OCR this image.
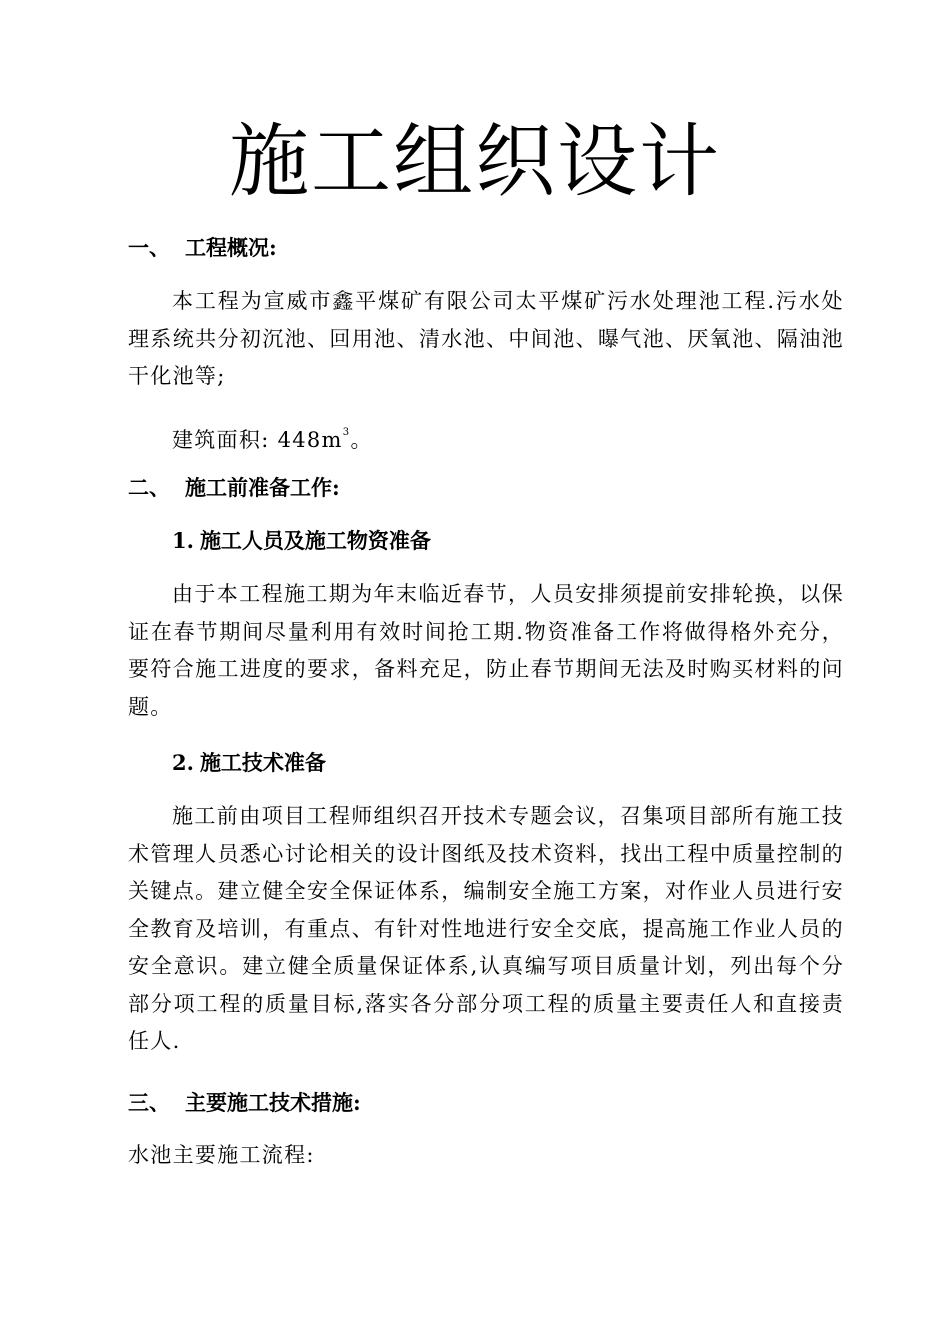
施工组织设计
一、 工程概况:

本工程为宣威市鑫平煤矿有限公司太平煤矿污水处理池工程.污水处理系统共分初沉池、回用池、清水池、中间池、曝气池、厌氧池、隔油池干化池等;

建筑面积: $448m^3$。

二、 施工前准备工作:
1. 施工人员及施工物资准备

由于本工程施工期为年末临近春节，人员安排须提前安排轮换，以保证在春节期间尽量利用有效时间抢工期.物资准备工作将做得格外充分，要符合施工进度的要求，备料充足，防止春节期间无法及时购买材料的问题。

2. 施工技术准备

施工前由项目工程师组织召开技术专题会议，召集项目部所有施工技术管理人员悉心讨论相关的设计图纸及技术资料，找出工程中质量控制的关键点。建立健全安全保证体系，编制安全施工方案，对作业人员进行安全教育及培训，有重点、有针对性地进行安全交底，提高施工作业人员的安全意识。建立健全质量保证体系,认真编写项目质量计划，列出每个分部分项工程的质量目标,落实各分部分项工程的质量主要责任人和直接责任人.

三、 主要施工技术措施:

水池主要施工流程:
